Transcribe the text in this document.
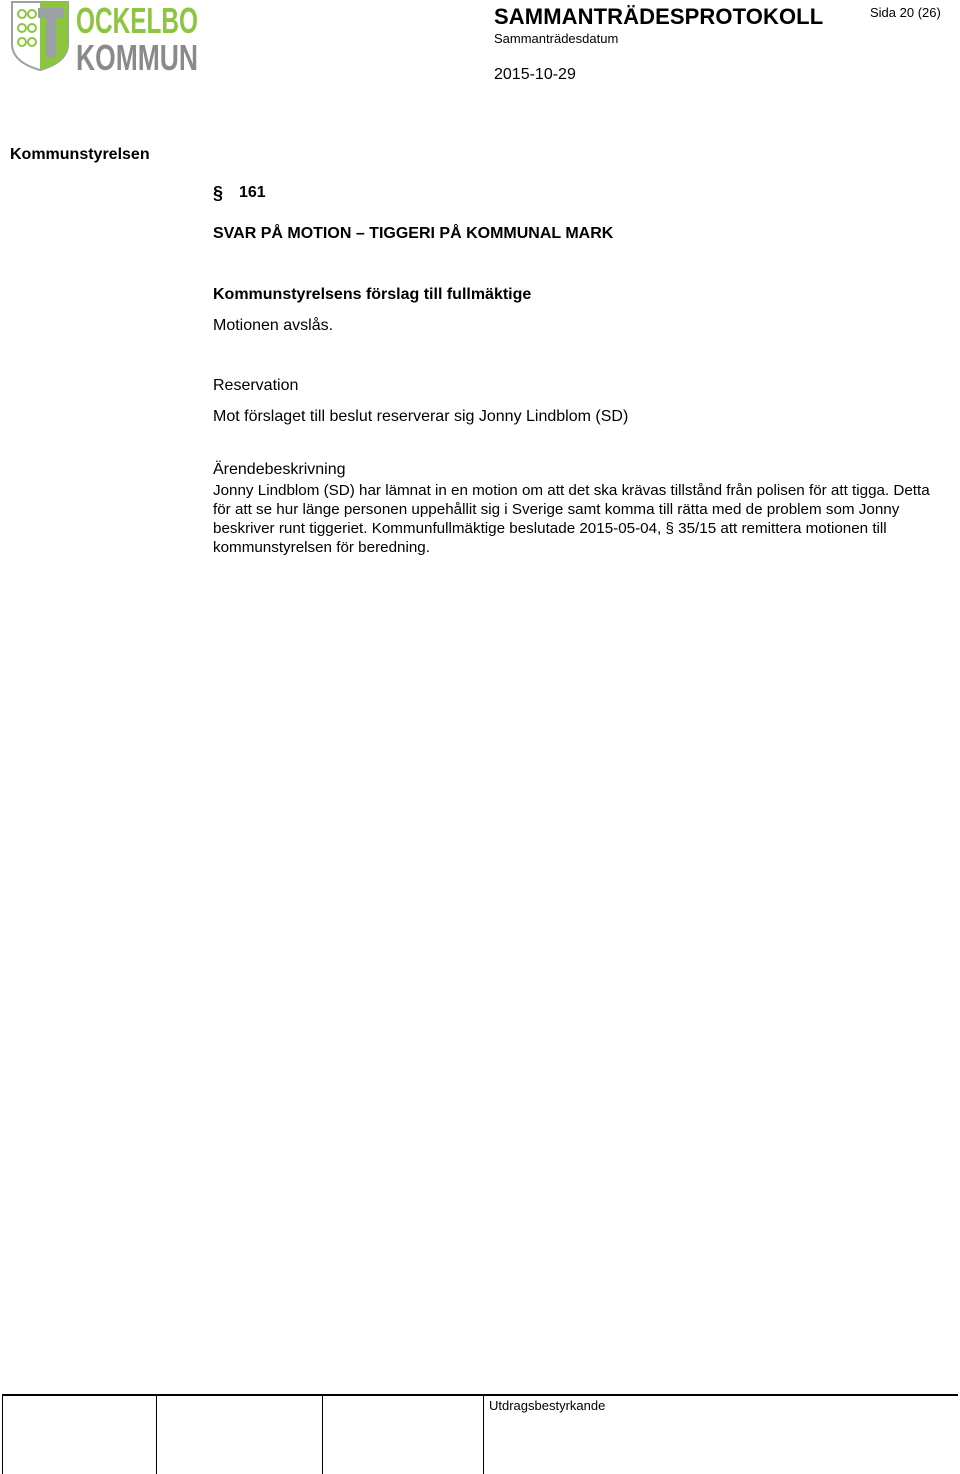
OCKELBO
KOMMUN
SAMMANTRÄDESPROTOKOLL	Sida 20 (26)
Sammanträdesdatum
2015-10-29
Kommunstyrelsen
§ 161
SVAR PÅ MOTION – TIGGERI PÅ KOMMUNAL MARK
Kommunstyrelsens förslag till fullmäktige
Motionen avslås.
Reservation
Mot förslaget till beslut reserverar sig Jonny Lindblom (SD)
Ärendebeskrivning
Jonny Lindblom (SD) har lämnat in en motion om att det ska krävas tillstånd från polisen för att tigga. Detta för att se hur länge personen uppehållit sig i Sverige samt komma till rätta med de problem som Jonny beskriver runt tiggeriet. Kommunfullmäktige beslutade 2015-05-04, § 35/15 att remittera motionen till kommunstyrelsen för beredning.
Utdragsbestyrkande
